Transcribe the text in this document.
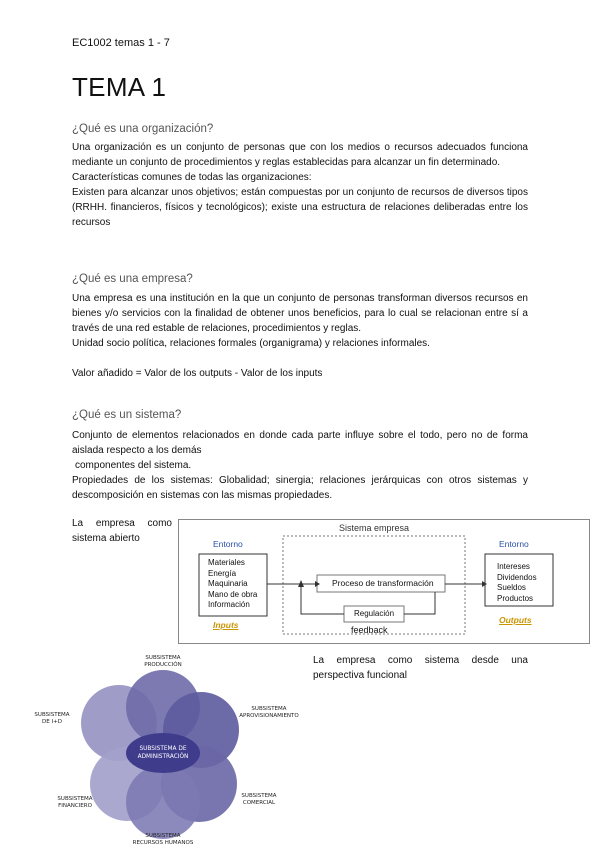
EC1002 temas 1 - 7
TEMA 1
¿Qué es una organización?
Una organización es un conjunto de personas que con los medios o recursos adecuados funciona mediante un conjunto de procedimientos y reglas establecidas para alcanzar un fin determinado.
Características comunes de todas las organizaciones:
Existen para alcanzar unos objetivos; están compuestas por un conjunto de recursos de diversos tipos (RRHH. financieros, físicos y tecnológicos); existe una estructura de relaciones deliberadas entre los recursos
¿Qué es una empresa?
Una empresa es una institución en la que un conjunto de personas transforman diversos recursos en bienes y/o servicios con la finalidad de obtener unos beneficios, para lo cual se relacionan entre sí a través de una red estable de relaciones, procedimientos y reglas.
Unidad socio política, relaciones formales (organigrama) y relaciones informales.
Valor añadido = Valor de los outputs - Valor de los inputs
¿Qué es un sistema?
Conjunto de elementos relacionados en donde cada parte influye sobre el todo, pero no de forma aislada respecto a los demás
componentes del sistema.
Propiedades de los sistemas: Globalidad; sinergia; relaciones jerárquicas con otros sistemas y descomposición en sistemas con las mismas propiedades.
La empresa como sistema abierto
Sistema empresa
Entorno	Entorno
Materiales
Energía
Maquinaria
Mano de obra
Información
Inputs
Proceso de transformación
Regulación
feedback
Intereses
Dividendos
Sueldos
Productos
Outputs
La empresa como sistema desde una perspectiva funcional
SUBSISTEMA DE
ADMINISTRACIÓN
SUBSISTEMA
PRODUCCIÓN
SUBSISTEMA
APROVISIONAMIENTO
SUBSISTEMA
DE I+D
SUBSISTEMA
FINANCIERO
SUBSISTEMA
COMERCIAL
SUBSISTEMA
RECURSOS HUMANOS
